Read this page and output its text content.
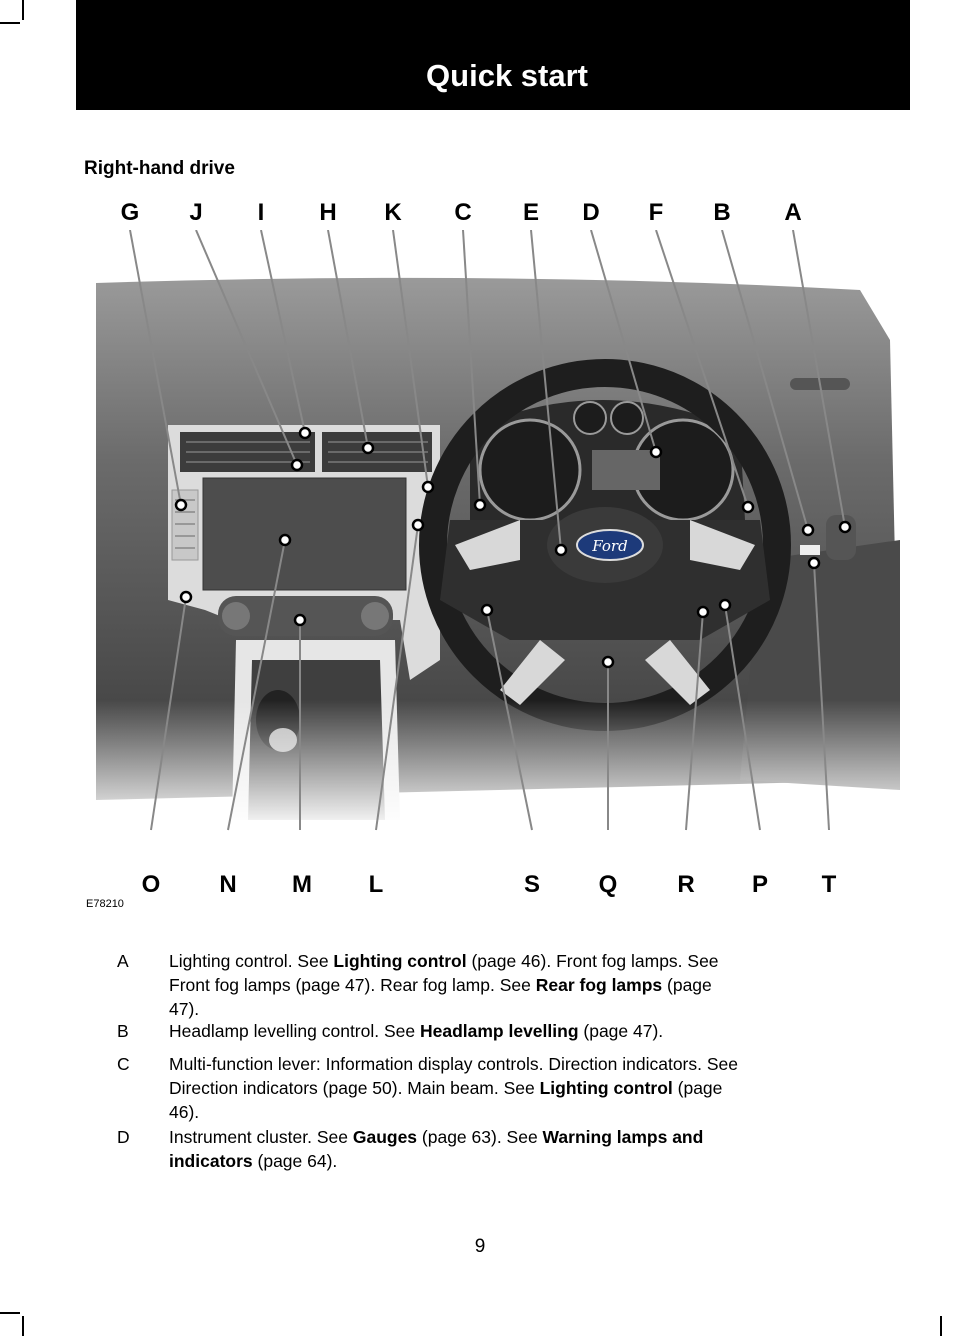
Quick start
Right-hand drive
G	J	I	H K C E D	F	B A
Ford
O N M	L	S Q	R P	T
E78210
A	Lighting control. See Lighting control (page 46). Front fog lamps. See
Front fog lamps (page 47). Rear fog lamp. See Rear fog lamps (page
47).
B	Headlamp levelling control. See Headlamp levelling (page 47).
C	Multi-function lever: Information display controls. Direction indicators. See
Direction indicators (page 50). Main beam. See Lighting control (page
46).
D	Instrument cluster. See Gauges (page 63). See Warning lamps and
indicators (page 64).
9
